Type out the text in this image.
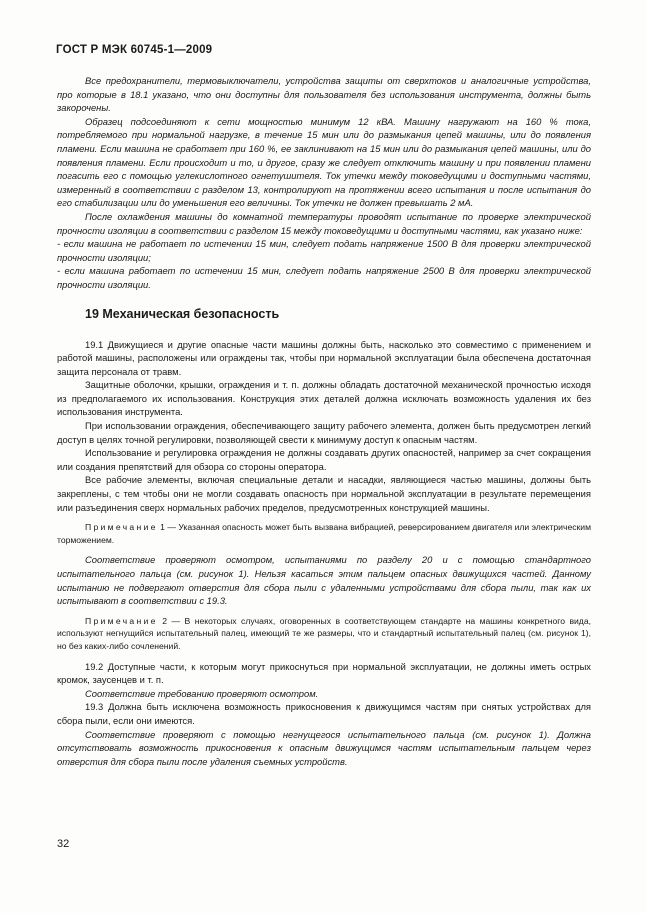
ГОСТ Р МЭК 60745-1—2009

Все предохранители, термовыключатели, устройства защиты от сверхтоков и аналогичные устройства, про которые в 18.1 указано, что они доступны для пользователя без использования инструмента, должны быть закорочены.

Образец подсоединяют к сети мощностью минимум 12 кВА. Машину нагружают на 160 % тока, потребляемого при нормальной нагрузке, в течение 15 мин или до размыкания цепей машины, или до появления пламени. Если машина не сработает при 160 %, ее заклинивают на 15 мин или до размыкания цепей машины, или до появления пламени. Если происходит и то, и другое, сразу же следует отключить машину и при появлении пламени погасить его с помощью углекислотного огнетушителя. Ток утечки между токоведущими и доступными частями, измеренный в соответствии с разделом 13, контролируют на протяжении всего испытания и после испытания до его стабилизации или до уменьшения его величины. Ток утечки не должен превышать 2 мА.

После охлаждения машины до комнатной температуры проводят испытание по проверке электрической прочности изоляции в соответствии с разделом 15 между токоведущими и доступными частями, как указано ниже:

- если машина не работает по истечении 15 мин, следует подать напряжение 1500 В для проверки электрической прочности изоляции;

- если машина работает по истечении 15 мин, следует подать напряжение 2500 В для проверки электрической прочности изоляции.

19 Механическая безопасность

19.1 Движущиеся и другие опасные части машины должны быть, насколько это совместимо с применением и работой машины, расположены или ограждены так, чтобы при нормальной эксплуатации была обеспечена достаточная защита персонала от травм.

Защитные оболочки, крышки, ограждения и т. п. должны обладать достаточной механической прочностью исходя из предполагаемого их использования. Конструкция этих деталей должна исключать возможность удаления их без использования инструмента.

При использовании ограждения, обеспечивающего защиту рабочего элемента, должен быть предусмотрен легкий доступ в целях точной регулировки, позволяющей свести к минимуму доступ к опасным частям.

Использование и регулировка ограждения не должны создавать других опасностей, например за счет сокращения или создания препятствий для обзора со стороны оператора.

Все рабочие элементы, включая специальные детали и насадки, являющиеся частью машины, должны быть закреплены, с тем чтобы они не могли создавать опасность при нормальной эксплуатации в результате перемещения или разъединения сверх нормальных рабочих пределов, предусмотренных конструкцией машины.

Примечание 1 — Указанная опасность может быть вызвана вибрацией, реверсированием двигателя или электрическим торможением.

Соответствие проверяют осмотром, испытаниями по разделу 20 и с помощью стандартного испытательного пальца (см. рисунок 1). Нельзя касаться этим пальцем опасных движущихся частей. Данному испытанию не подвергают отверстия для сбора пыли с удаленными устройствами для сбора пыли, так как их испытывают в соответствии с 19.3.

Примечание 2 — В некоторых случаях, оговоренных в соответствующем стандарте на машины конкретного вида, используют негнущийся испытательный палец, имеющий те же размеры, что и стандартный испытательный палец (см. рисунок 1), но без каких-либо сочленений.

19.2 Доступные части, к которым могут прикоснуться при нормальной эксплуатации, не должны иметь острых кромок, заусенцев и т. п.

Соответствие требованию проверяют осмотром.

19.3 Должна быть исключена возможность прикосновения к движущимся частям при снятых устройствах для сбора пыли, если они имеются.

Соответствие проверяют с помощью негнущегося испытательного пальца (см. рисунок 1). Должна отсутствовать возможность прикосновения к опасным движущимся частям испытательным пальцем через отверстия для сбора пыли после удаления съемных устройств.

32
